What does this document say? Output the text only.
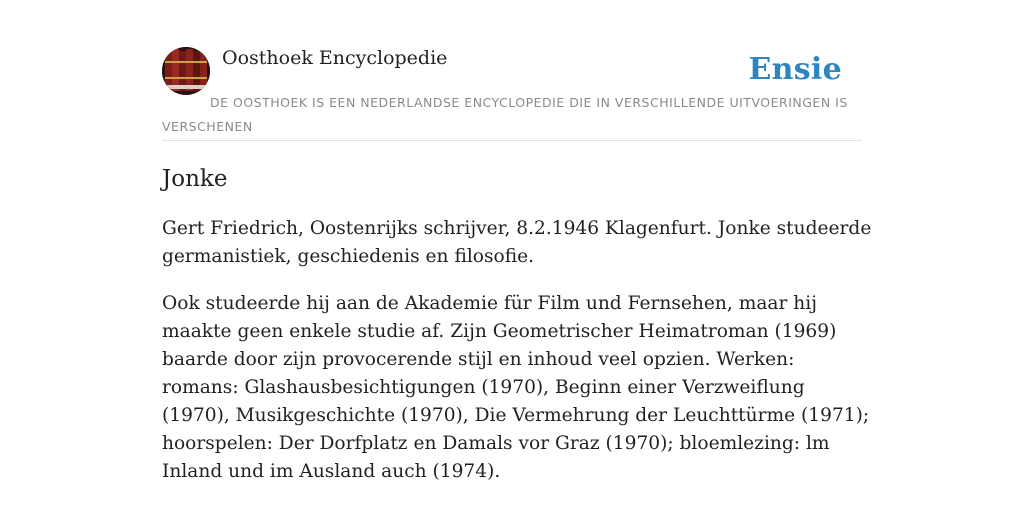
Oosthoek Encyclopedie	Ensie
DE OOSTHOEK IS EEN NEDERLANDSE ENCYCLOPEDIE DIE IN VERSCHILLENDE UITVOERINGEN IS VERSCHENEN
Jonke

Gert Friedrich, Oostenrijks schrijver, 8.2.1946 Klagenfurt. Jonke studeerde germanistiek, geschiedenis en filosofie.

Ook studeerde hij aan de Akademie für Film und Fernsehen, maar hij maakte geen enkele studie af. Zijn Geometrischer Heimatroman (1969) baarde door zijn provocerende stijl en inhoud veel opzien. Werken: romans: Glashausbesichtigungen (1970), Beginn einer Verzweiflung (1970), Musikgeschichte (1970), Die Vermehrung der Leuchttürme (1971); hoorspelen: Der Dorfplatz en Damals vor Graz (1970); bloemlezing: lm Inland und im Ausland auch (1974).
